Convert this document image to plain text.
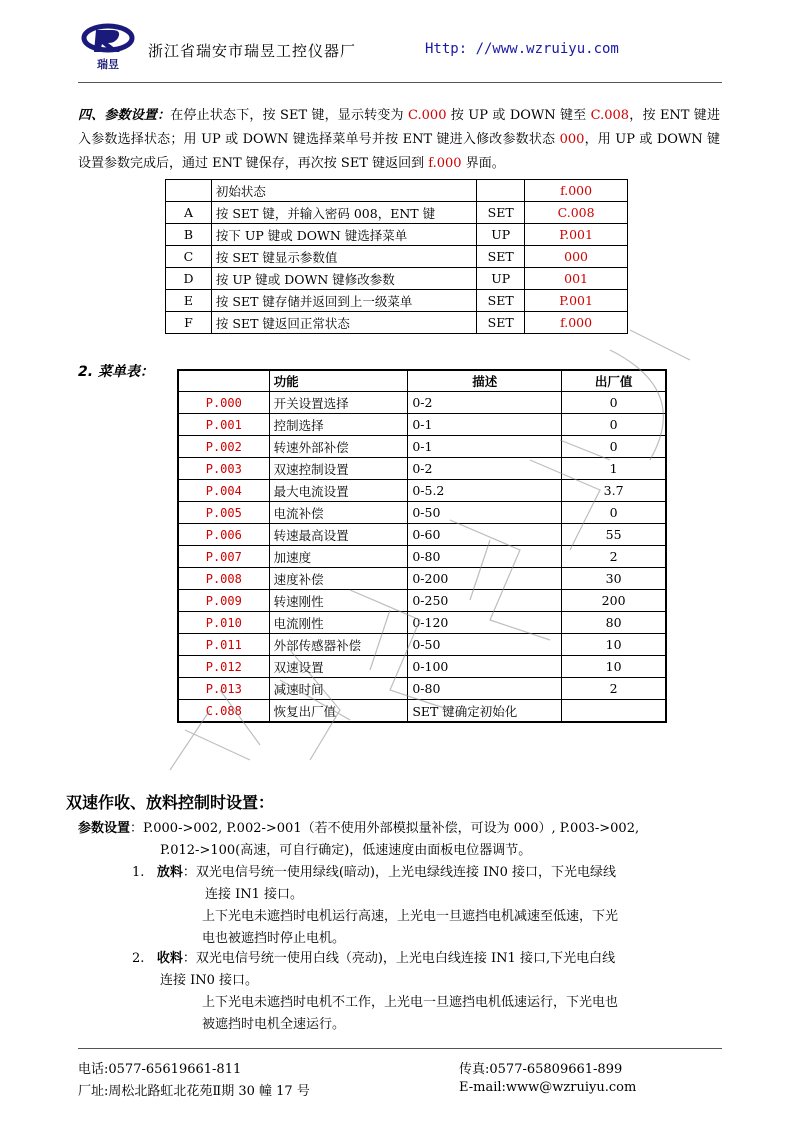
瑞昱
浙江省瑞安市瑞昱工控仪器厂	Http: //www.wzruiyu.com
四、参数设置：在停止状态下，按 SET 键，显示转变为 C.000 按 UP 或 DOWN 键至 C.008，按 ENT 键进入参数选择状态；用 UP 或 DOWN 键选择菜单号并按 ENT 键进入修改参数状态 000，用 UP 或 DOWN 键设置参数完成后，通过 ENT 键保存，再次按 SET 键返回到 f.000 界面。
	初始状态		f.000
A	按 SET 键，并输入密码 008，ENT 键	SET	C.008
B	按下 UP 键或 DOWN 键选择菜单	UP	P.001
C	按 SET 键显示参数值	SET	000
D	按 UP 键或 DOWN 键修改参数	UP	001
E	按 SET 键存储并返回到上一级菜单	SET	P.001
F	按 SET 键返回正常状态	SET	f.000
2. 菜单表：
	功能	描述	出厂值
P.000	开关设置选择	0-2	0
P.001	控制选择	0-1	0
P.002	转速外部补偿	0-1	0
P.003	双速控制设置	0-2	1
P.004	最大电流设置	0-5.2	3.7
P.005	电流补偿	0-50	0
P.006	转速最高设置	0-60	55
P.007	加速度	0-80	2
P.008	速度补偿	0-200	30
P.009	转速刚性	0-250	200
P.010	电流刚性	0-120	80
P.011	外部传感器补偿	0-50	10
P.012	双速设置	0-100	10
P.013	减速时间	0-80	2
C.088	恢复出厂值	SET 键确定初始化	
双速作收、放料控制时设置：
参数设置：P.000->002, P.002->001（若不使用外部模拟量补偿，可设为 000）, P.003->002,
P.012->100(高速，可自行确定)，低速速度由面板电位器调节。
1. 放料：双光电信号统一使用绿线(暗动)，上光电绿线连接 IN0 接口，下光电绿线
连接 IN1 接口。
上下光电未遮挡时电机运行高速，上光电一旦遮挡电机减速至低速，下光
电也被遮挡时停止电机。
2. 收料：双光电信号统一使用白线（亮动)，上光电白线连接 IN1 接口,下光电白线
连接 IN0 接口。
上下光电未遮挡时电机不工作，上光电一旦遮挡电机低速运行，下光电也
被遮挡时电机全速运行。
电话:0577-65619661-811	传真:0577-65809661-899
厂址:周松北路虹北花苑Ⅱ期 30 幢 17 号	E-mail:www@wzruiyu.com
